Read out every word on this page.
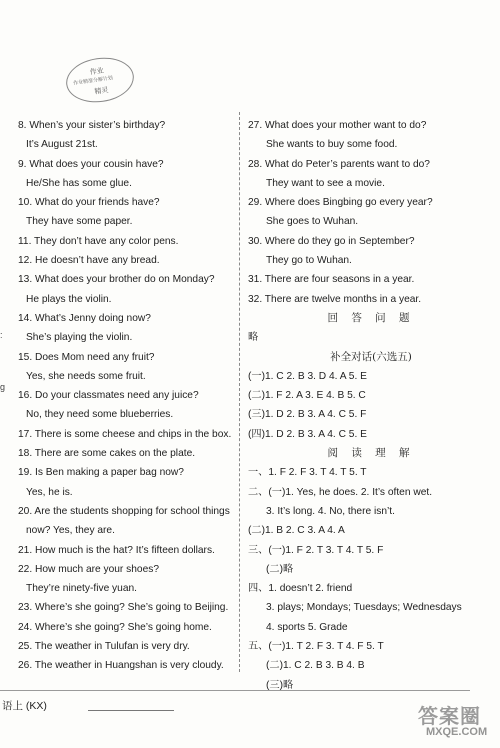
作业
作业精准分解计划
精灵
:
g
8. When’s your sister’s birthday?
It’s August 21st.
9. What does your cousin have?
He/She has some glue.
10. What do your friends have?
They have some paper.
11. They don’t have any color pens.
12. He doesn’t have any bread.
13. What does your brother do on Monday?
He plays the violin.
14. What’s Jenny doing now?
She’s playing the violin.
15. Does Mom need any fruit?
Yes, she needs some fruit.
16. Do your classmates need any juice?
No, they need some blueberries.
17. There is some cheese and chips in the box.
18. There are some cakes on the plate.
19. Is Ben making a paper bag now?
Yes, he is.
20. Are the students shopping for school things
now? Yes, they are.
21. How much is the hat? It’s fifteen dollars.
22. How much are your shoes?
They’re ninety-five yuan.
23. Where’s she going? She’s going to Beijing.
24. Where’s she going? She’s going home.
25. The weather in Tulufan is very dry.
26. The weather in Huangshan is very cloudy.
27. What does your mother want to do?
She wants to buy some food.
28. What do Peter’s parents want to do?
They want to see a movie.
29. Where does Bingbing go every year?
She goes to Wuhan.
30. Where do they go in September?
They go to Wuhan.
31. There are four seasons in a year.
32. There are twelve months in a year.
回 答 问 题
略
补全对话(六选五)
(一)1. C 2. B 3. D 4. A 5. E
(二)1. F 2. A 3. E 4. B 5. C
(三)1. D 2. B 3. A 4. C 5. F
(四)1. D 2. B 3. A 4. C 5. E
阅 读 理 解
一、1. F 2. F 3. T 4. T 5. T
二、(一)1. Yes, he does. 2. It’s often wet.
3. It’s long. 4. No, there isn’t.
(二)1. B 2. C 3. A 4. A
三、(一)1. F 2. T 3. T 4. T 5. F
(二)略
四、1. doesn’t 2. friend
3. plays; Mondays; Tuesdays; Wednesdays
4. sports 5. Grade
五、(一)1. T 2. F 3. T 4. F 5. T
(二)1. C 2. B 3. B 4. B
(三)略
语上 (KX)	答案圈
MXQE.COM
